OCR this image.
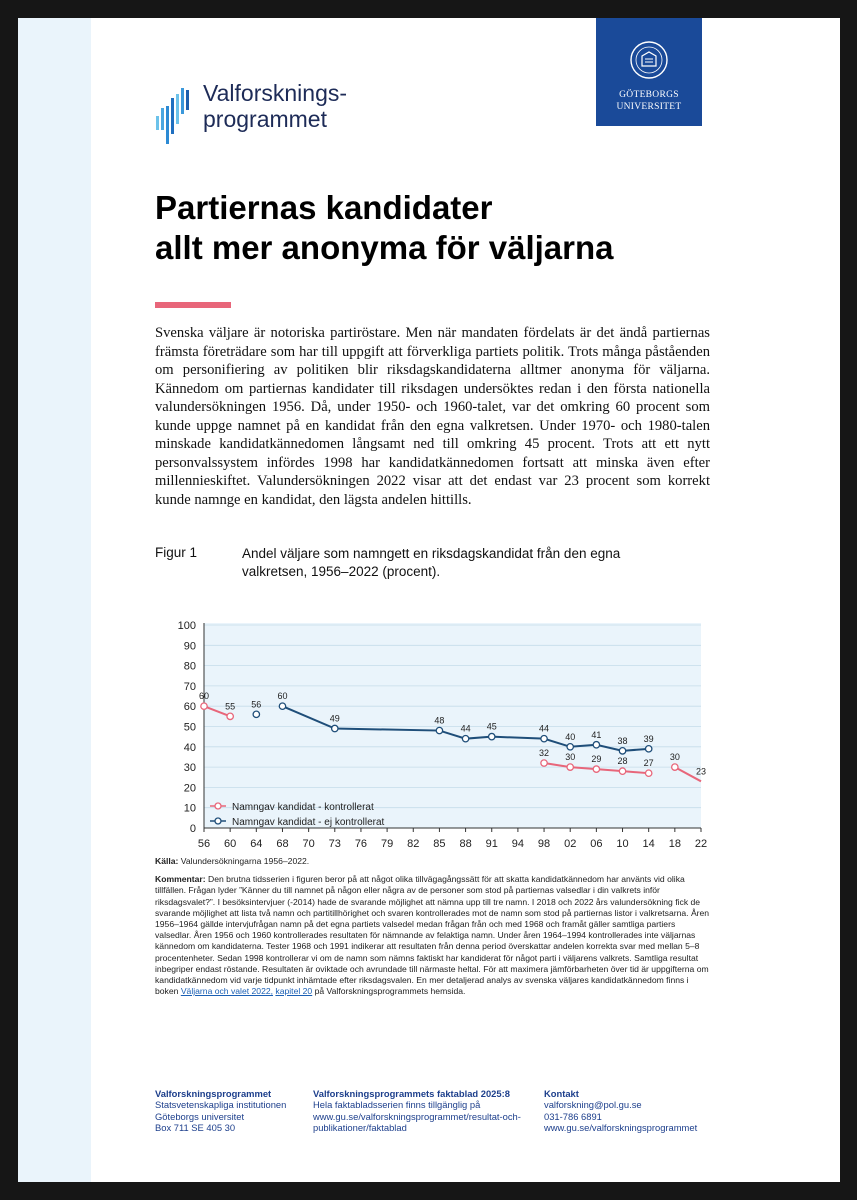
Valforsknings-
programmet
GÖTEBORGS
UNIVERSITET
Partiernas kandidater
allt mer anonyma för väljarna

Svenska väljare är notoriska partiröstare. Men när mandaten fördelats är det ändå partiernas främsta företrädare som har till uppgift att förverkliga partiets politik. Trots många påståenden om personifiering av politiken blir riksdagskandidaterna alltmer anonyma för väljarna. Kännedom om partiernas kandidater till riksdagen undersöktes redan i den första nationella valundersökningen 1956. Då, under 1950- och 1960-talet, var det omkring 60 procent som kunde uppge namnet på en kandidat från den egna valkretsen. Under 1970- och 1980-talen minskade kandidatkännedomen långsamt ned till omkring 45 procent. Trots att ett nytt personvalssystem infördes 1998 har kandidatkännedomen fortsatt att minska även efter millennieskiftet. Valundersökningen 2022 visar att det endast var 23 procent som korrekt kunde namnge en kandidat, den lägsta andelen hittills.

Figur 1	Andel väljare som namngett en riksdagskandidat från den egna valkretsen, 1956–2022 (procent).
0
10
20
30
40
50
60
70
80
90
100
56 60 64 68 70 73 76 79 82 85 88 91 94 98 02 06 10 14 18 22
60
55
32 30 29 28 27
30
23
Namngav kandidat - kontrollerat
56
60
49	48
44 45	44
40 41
38 39
Namngav kandidat - ej kontrollerat

Källa: Valundersökningarna 1956–2022.

Kommentar: Den brutna tidsserien i figuren beror på att något olika tillvägagångssätt för att skatta kandidatkännedom har använts vid olika tillfällen. Frågan lyder ”Känner du till namnet på någon eller några av de personer som stod på partiernas valsedlar i din valkrets inför riksdagsvalet?”. I besöksintervjuer (-2014) hade de svarande möjlighet att nämna upp till tre namn. I 2018 och 2022 års valundersökning fick de svarande möjlighet att lista två namn och partitillhörighet och svaren kontrollerades mot de namn som stod på partiernas listor i valkretsarna. Åren 1956–1964 gällde intervjufrågan namn på det egna partiets valsedel medan frågan från och med 1968 och framåt gäller samtliga partiers valsedlar. Åren 1956 och 1960 kontrollerades resultaten för nämnande av felaktiga namn. Under åren 1964–1994 kontrollerades inte väljarnas kännedom om kandidaterna. Tester 1968 och 1991 indikerar att resultaten från denna period överskattar andelen korrekta svar med mellan 5–8 procentenheter. Sedan 1998 kontrollerar vi om de namn som nämns faktiskt har kandiderat för något parti i väljarens valkrets. Samtliga resultat inbegriper endast röstande. Resultaten är oviktade och avrundade till närmaste heltal. För att maximera jämförbarheten över tid är uppgifterna om kandidatkännedom vid varje tidpunkt inhämtade efter riksdagsvalen. En mer detaljerad analys av svenska väljares kandidatkännedom finns i boken Väljarna och valet 2022, kapitel 20 på Valforskningsprogrammets hemsida.

Valforskningsprogrammet
Statsvetenskapliga institutionen
Göteborgs universitet
Box 711 SE 405 30
Valforskningsprogrammets faktablad 2025:8
Hela faktabladsserien finns tillgänglig på
www.gu.se/valforskningsprogrammet/resultat-och-
publikationer/faktablad
Kontakt
valforskning@pol.gu.se
031-786 6891
www.gu.se/valforskningsprogrammet
